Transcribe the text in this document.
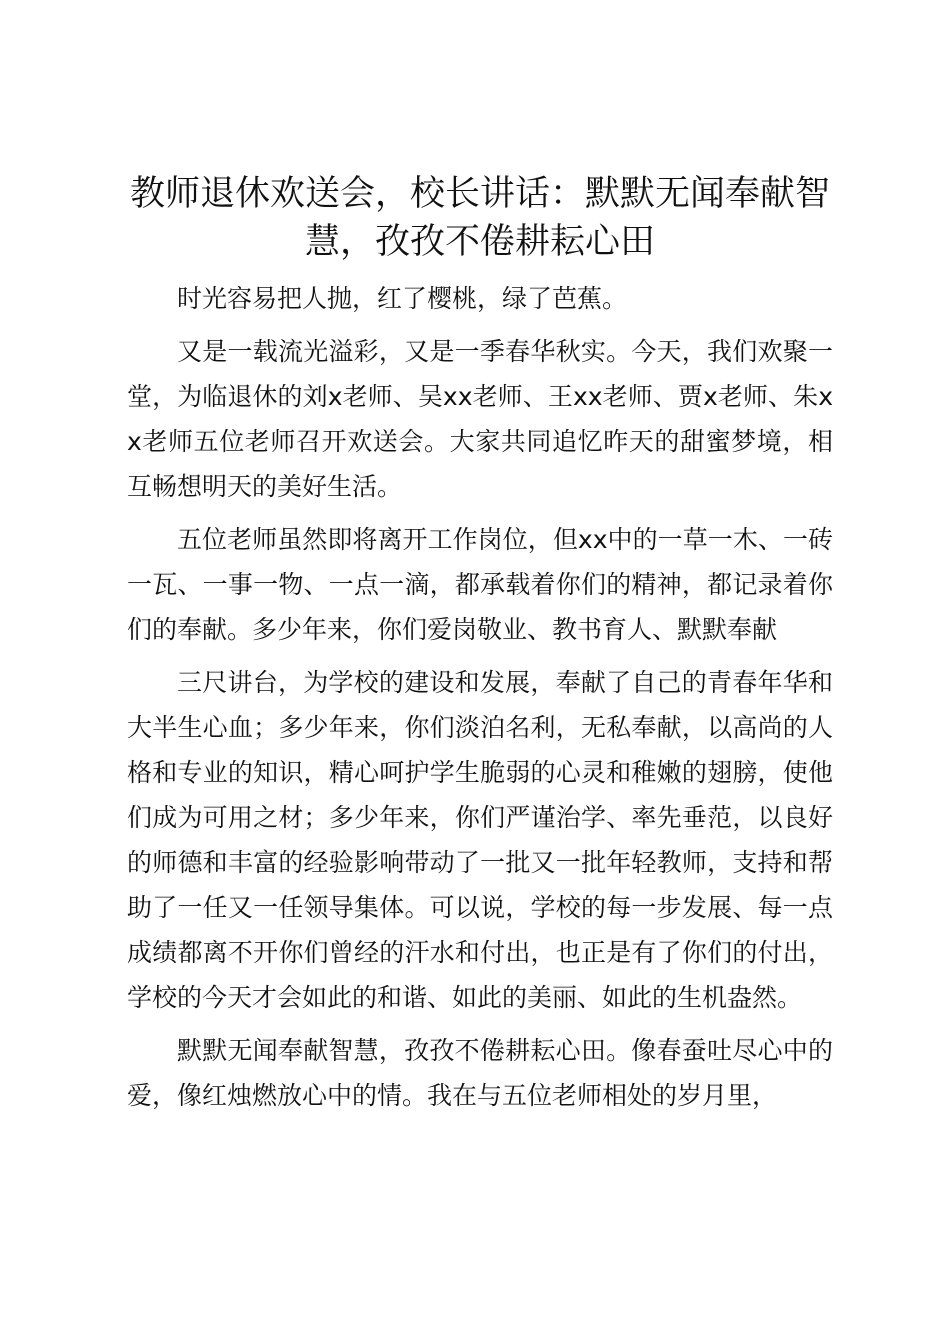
教师退休欢送会，校长讲话：默默无闻奉献智慧，孜孜不倦耕耘心田

时光容易把人抛，红了樱桃，绿了芭蕉。

又是一载流光溢彩，又是一季春华秋实。今天，我们欢聚一堂，为临退休的刘x老师、吴xx老师、王xx老师、贾x老师、朱xx老师五位老师召开欢送会。大家共同追忆昨天的甜蜜梦境，相互畅想明天的美好生活。

五位老师虽然即将离开工作岗位，但xx中的一草一木、一砖一瓦、一事一物、一点一滴，都承载着你们的精神，都记录着你们的奉献。多少年来，你们爱岗敬业、教书育人、默默奉献

三尺讲台，为学校的建设和发展，奉献了自己的青春年华和大半生心血；多少年来，你们淡泊名利，无私奉献，以高尚的人格和专业的知识，精心呵护学生脆弱的心灵和稚嫩的翅膀，使他们成为可用之材；多少年来，你们严谨治学、率先垂范，以良好的师德和丰富的经验影响带动了一批又一批年轻教师，支持和帮助了一任又一任领导集体。可以说，学校的每一步发展、每一点成绩都离不开你们曾经的汗水和付出，也正是有了你们的付出，学校的今天才会如此的和谐、如此的美丽、如此的生机盎然。

默默无闻奉献智慧，孜孜不倦耕耘心田。像春蚕吐尽心中的爱，像红烛燃放心中的情。我在与五位老师相处的岁月里，
